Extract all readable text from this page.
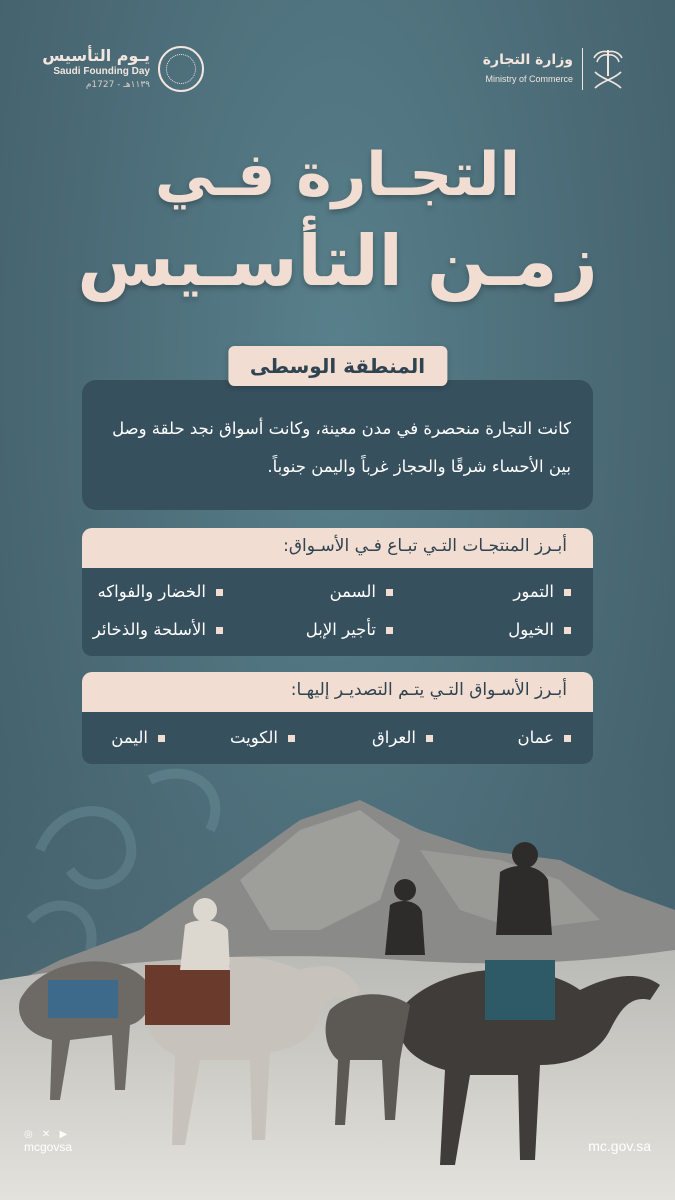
يـوم التأسيس
Saudi Founding Day
١١٣٩هـ - 1727م
وزارة التجارة
Ministry of Commerce
التجـارة فـي
زمـن التأسـيس
المنطقة الوسطى

كانت التجارة منحصرة في مدن معينة، وكانت أسواق نجد حلقة وصل بين الأحساء شرقًا والحجاز غرباً واليمن جنوباً.

أبـرز المنتجـات التـي تبـاع فـي الأسـواق:
التمور
السمن
الخضار والفواكه
الخيول
تأجير الإبل
الأسلحة والذخائر
أبـرز الأسـواق التـي يتـم التصديـر إليهـا:
عمان
العراق
الكويت
اليمن
◎ ✕ ▶
mcgovsa	mc.gov.sa
